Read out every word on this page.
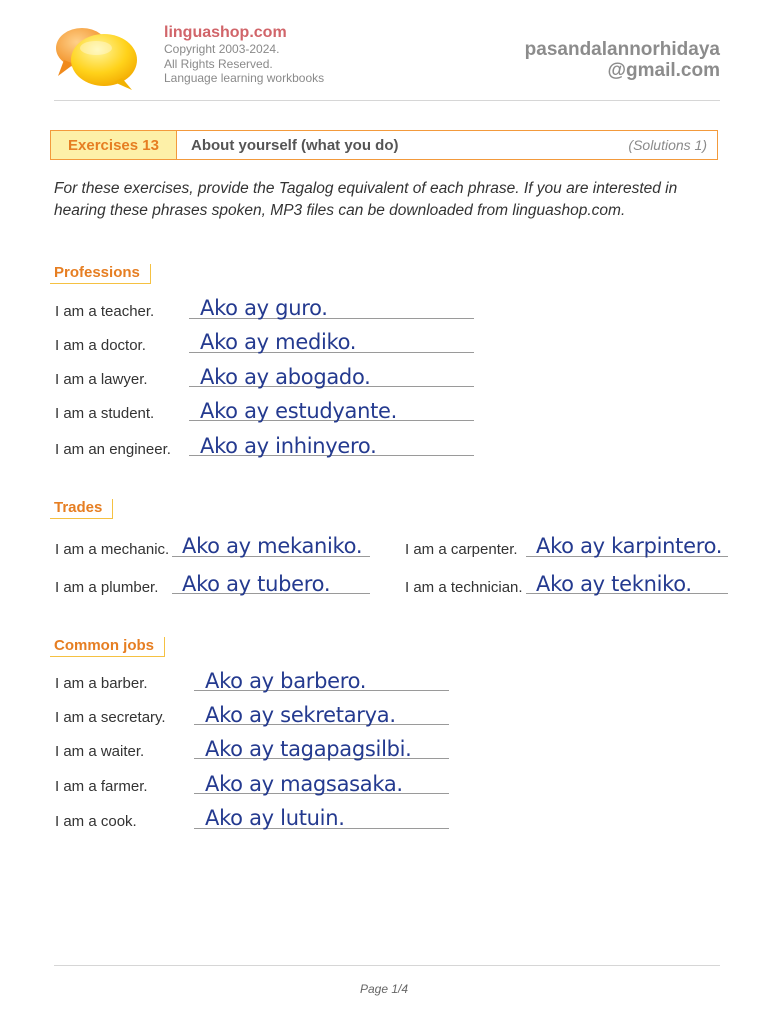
linguashop.com
Copyright 2003-2024.
All Rights Reserved.
Language learning workbooks
pasandalannorhidaya
@gmail.com
Exercises 13	About yourself (what you do)	(Solutions 1)
For these exercises, provide the Tagalog equivalent of each phrase. If you are interested in hearing these phrases spoken, MP3 files can be downloaded from linguashop.com.
Professions
I am a teacher. Ako ay guro.
I am a doctor.	Ako ay mediko.
I am a lawyer. Ako ay abogado.
I am a student. Ako ay estudyante.
I am an engineer. Ako ay inhinyero.
Trades
I am a mechanic. Ako ay mekaniko.	I am a carpenter. Ako ay karpintero.
I am a plumber. Ako ay tubero.	I am a technician. Ako ay tekniko.
Common jobs
I am a barber.	Ako ay barbero.
I am a secretary. Ako ay sekretarya.
I am a waiter.	Ako ay tagapagsilbi.
I am a farmer.	Ako ay magsasaka.
I am a cook.	Ako ay lutuin.
Page 1/4
